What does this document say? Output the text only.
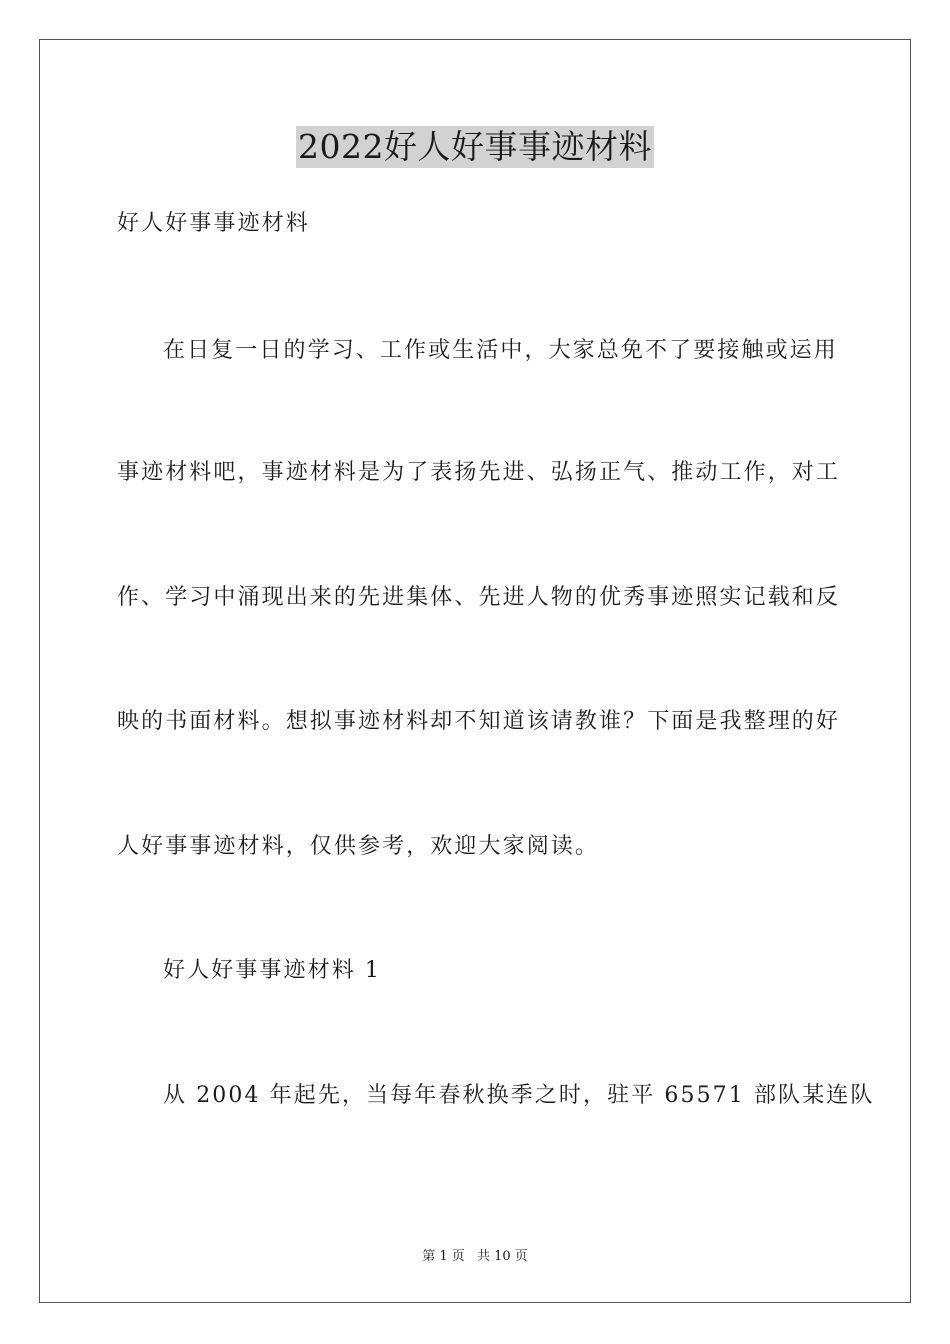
2022好人好事事迹材料
好人好事事迹材料
在日复一日的学习、工作或生活中，大家总免不了要接触或运用
事迹材料吧，事迹材料是为了表扬先进、弘扬正气、推动工作，对工
作、学习中涌现出来的先进集体、先进人物的优秀事迹照实记载和反
映的书面材料。想拟事迹材料却不知道该请教谁？下面是我整理的好
人好事事迹材料，仅供参考，欢迎大家阅读。
好人好事事迹材料 1
从 2004 年起先，当每年春秋换季之时，驻平 65571 部队某连队
第 1 页 共 10 页
